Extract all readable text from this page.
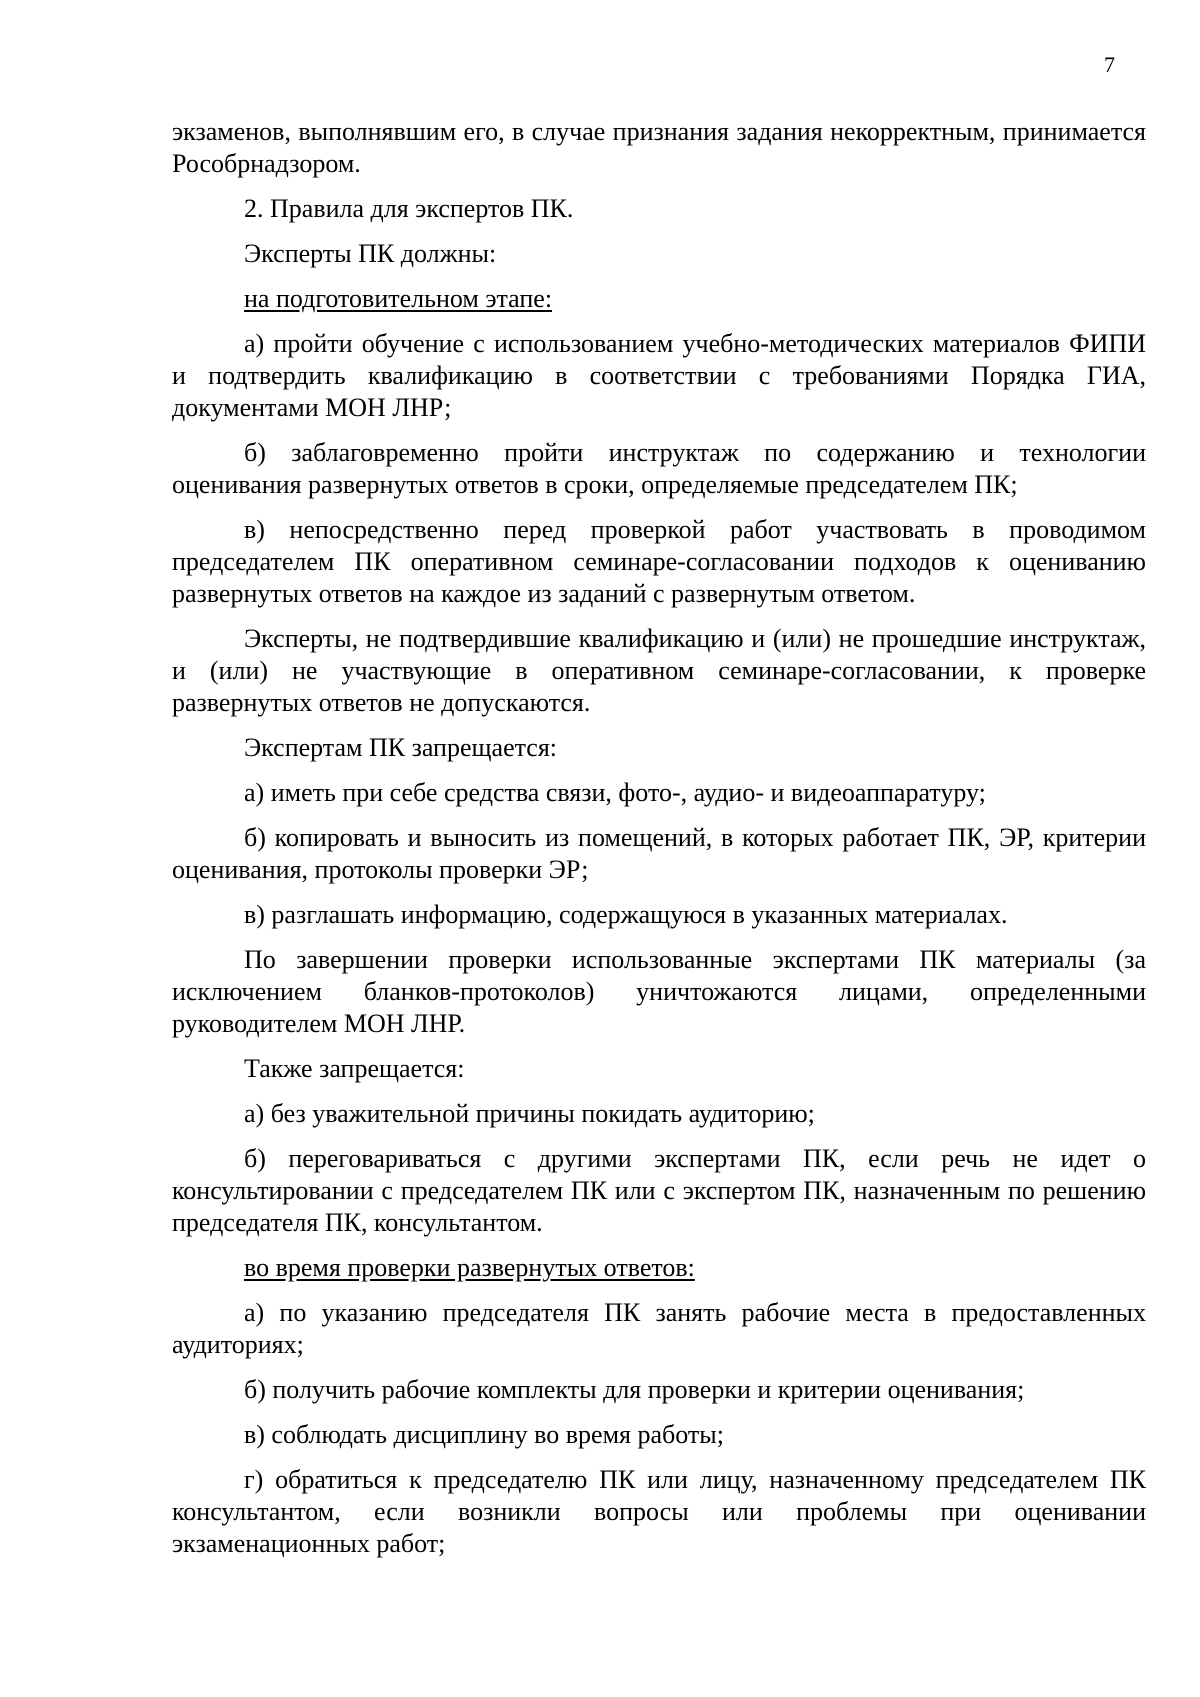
7

экзаменов, выполнявшим его, в случае признания задания некорректным, принимается Рособрнадзором.

2. Правила для экспертов ПК.

Эксперты ПК должны:

на подготовительном этапе:

а) пройти обучение с использованием учебно-методических материалов ФИПИ и подтвердить квалификацию в соответствии с требованиями Порядка ГИА, документами МОН ЛНР;

б) заблаговременно пройти инструктаж по содержанию и технологии оценивания развернутых ответов в сроки, определяемые председателем ПК;

в) непосредственно перед проверкой работ участвовать в проводимом председателем ПК оперативном семинаре-согласовании подходов к оцениванию развернутых ответов на каждое из заданий с развернутым ответом.

Эксперты, не подтвердившие квалификацию и (или) не прошедшие инструктаж, и (или) не участвующие в оперативном семинаре-согласовании, к проверке развернутых ответов не допускаются.

Экспертам ПК запрещается:

а) иметь при себе средства связи, фото-, аудио- и видеоаппаратуру;

б) копировать и выносить из помещений, в которых работает ПК, ЭР, критерии оценивания, протоколы проверки ЭР;

в) разглашать информацию, содержащуюся в указанных материалах.

По завершении проверки использованные экспертами ПК материалы (за исключением бланков-протоколов) уничтожаются лицами, определенными руководителем МОН ЛНР.

Также запрещается:

а) без уважительной причины покидать аудиторию;

б) переговариваться с другими экспертами ПК, если речь не идет о консультировании с председателем ПК или с экспертом ПК, назначенным по решению председателя ПК, консультантом.

во время проверки развернутых ответов:

а) по указанию председателя ПК занять рабочие места в предоставленных аудиториях;

б) получить рабочие комплекты для проверки и критерии оценивания;

в) соблюдать дисциплину во время работы;

г) обратиться к председателю ПК или лицу, назначенному председателем ПК консультантом, если возникли вопросы или проблемы при оценивании экзаменационных работ;
